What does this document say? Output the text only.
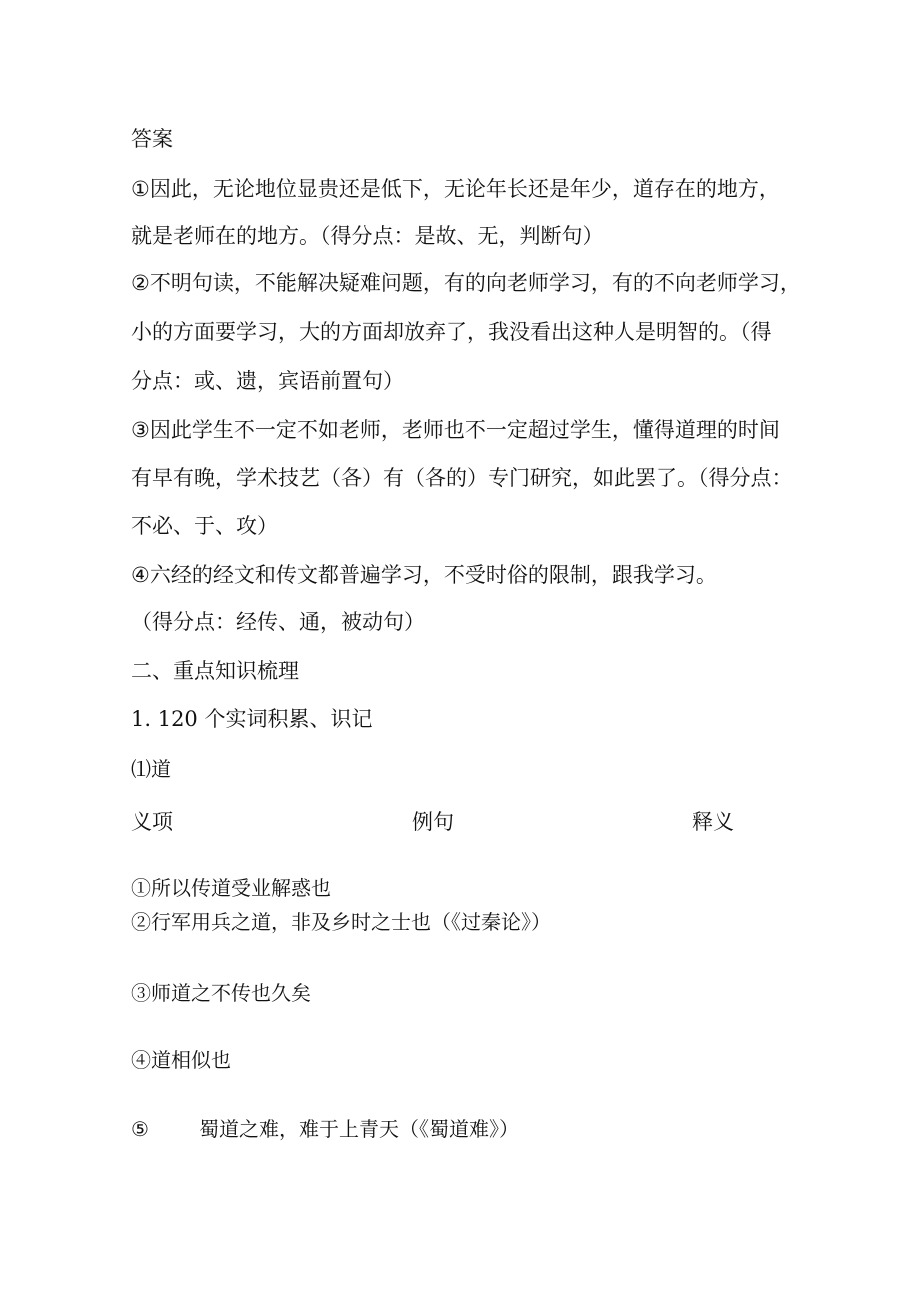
答案
①因此，无论地位显贵还是低下，无论年长还是年少，道存在的地方，
就是老师在的地方。（得分点：是故、无，判断句）
②不明句读，不能解决疑难问题，有的向老师学习，有的不向老师学习，
小的方面要学习，大的方面却放弃了，我没看出这种人是明智的。（得
分点：或、遗，宾语前置句）
③因此学生不一定不如老师，老师也不一定超过学生，懂得道理的时间
有早有晚，学术技艺（各）有（各的）专门研究，如此罢了。（得分点：
不必、于、攻）
④六经的经文和传文都普遍学习，不受时俗的限制，跟我学习。
（得分点：经传、通，被动句）
二、重点知识梳理
1. 120 个实词积累、识记
⑴道
义项	例句	释义
①所以传道受业解惑也
②行军用兵之道，非及乡时之士也（《过秦论》）
③师道之不传也久矣
④道相似也
⑤	蜀道之难，难于上青天（《蜀道难》）
